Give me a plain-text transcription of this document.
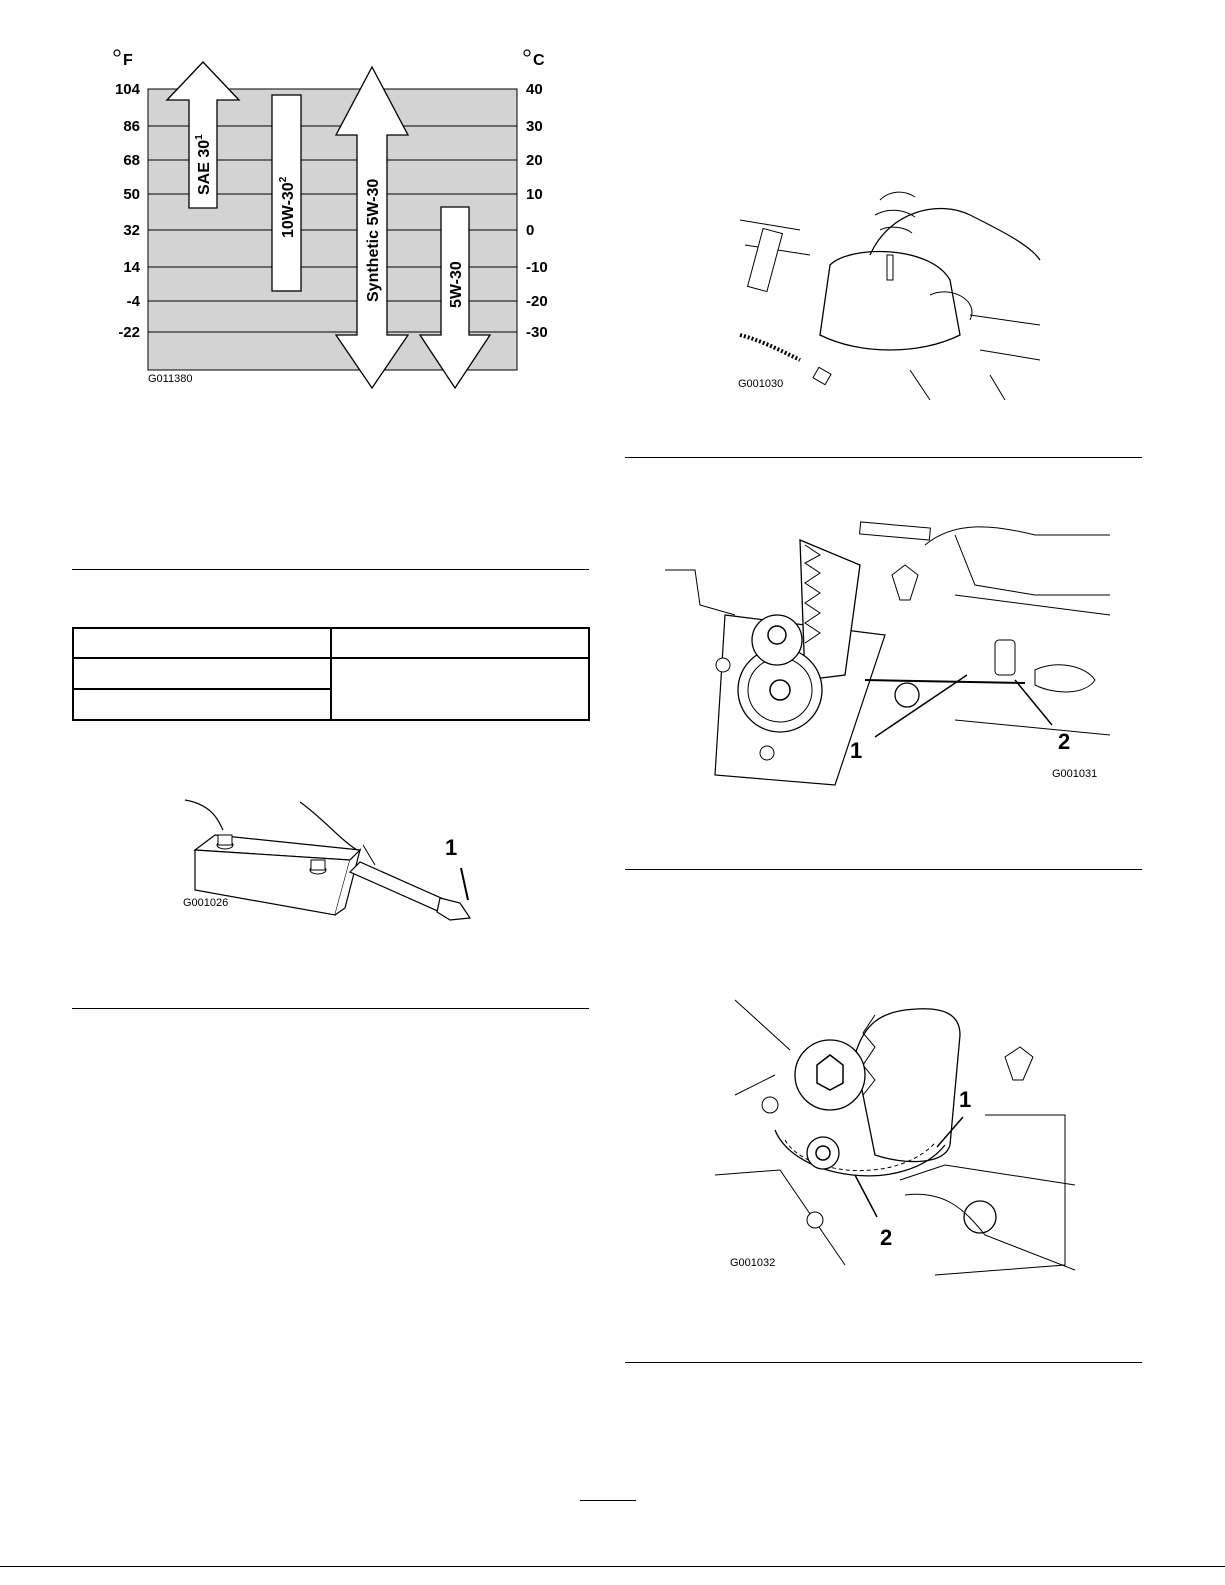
F	C
104	40
86	30
68	20
50	10
32	0
14	-10
-4	-20
-22	-30
SAE $30^1$
$10W-30^2$	Synthetic 5W-30	5W-30
G011380

1
G001026
G001030
1	2
G001031
1
2
G001032
